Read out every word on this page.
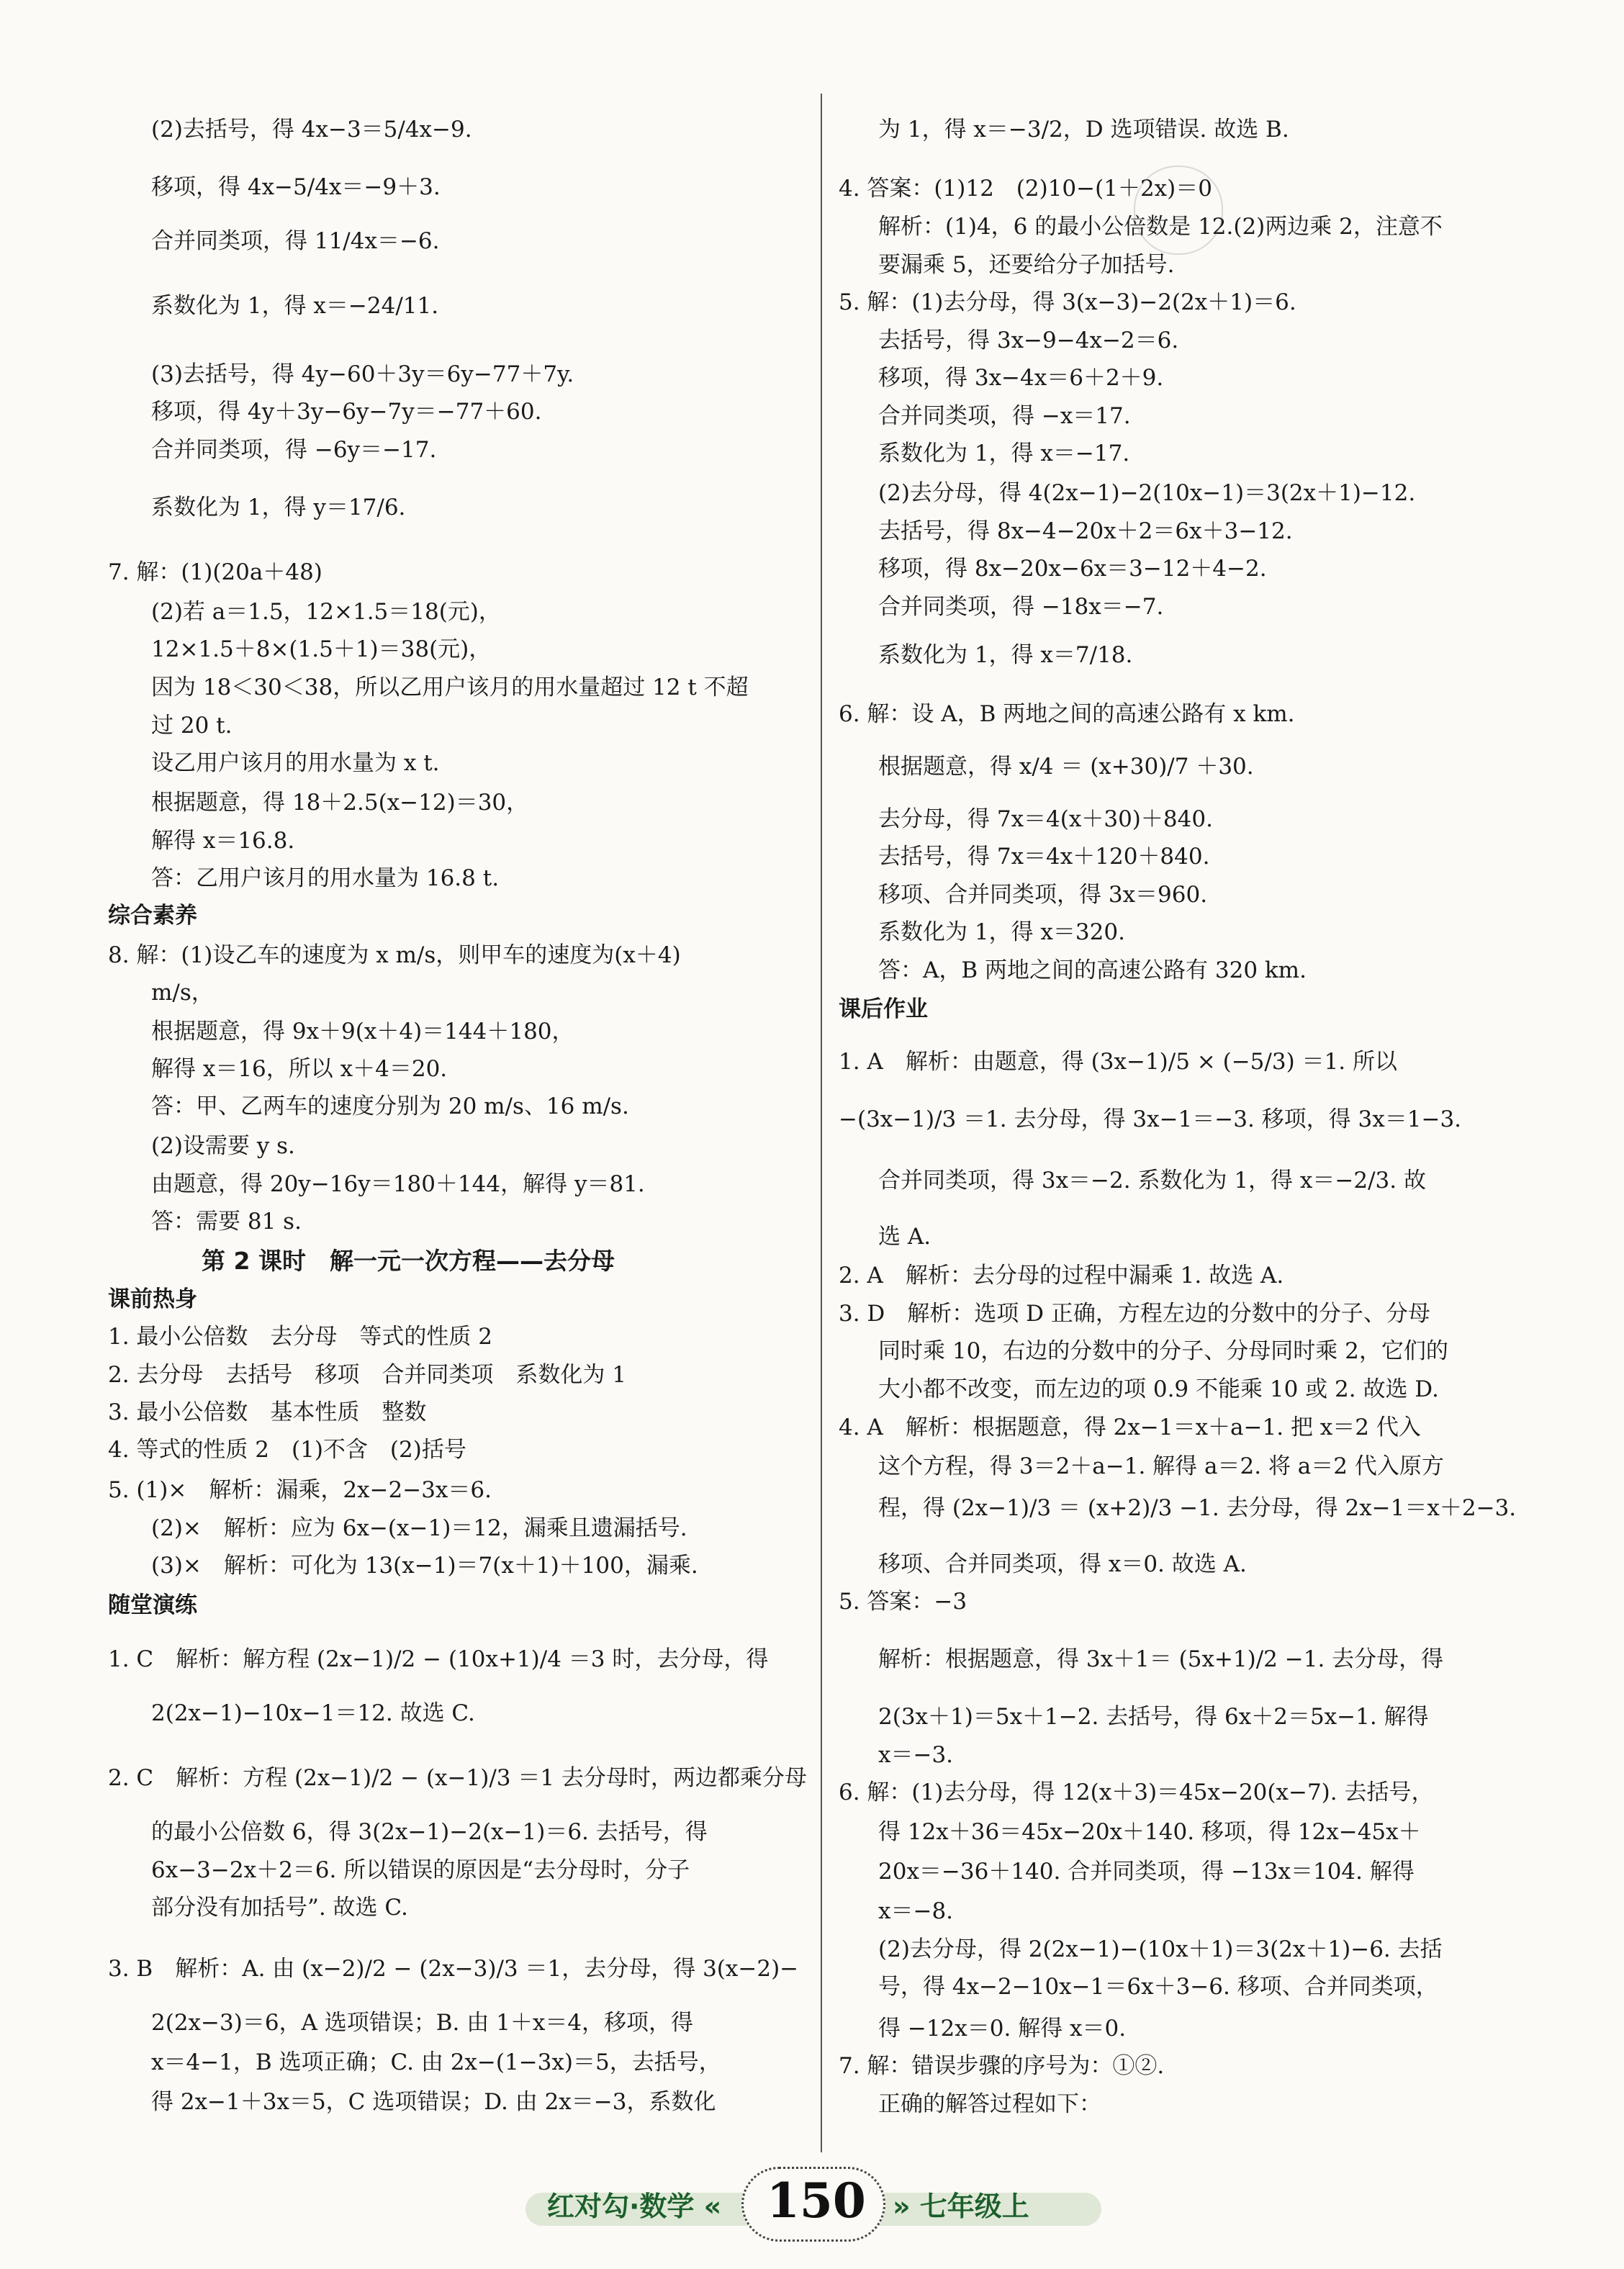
(2)去括号，得 4x−3＝5/4x−9.
移项，得 4x−5/4x＝−9＋3.
合并同类项，得 11/4x＝−6.
系数化为 1，得 x＝−24/11.
(3)去括号，得 4y−60＋3y＝6y−77＋7y.
移项，得 4y＋3y−6y−7y＝−77＋60.
合并同类项，得 −6y＝−17.
系数化为 1，得 y＝17/6.
7. 解：(1)(20a＋48)
(2)若 a＝1.5，12×1.5＝18(元)，
12×1.5＋8×(1.5＋1)＝38(元)，
因为 18＜30＜38，所以乙用户该月的用水量超过 12 t 不超
过 20 t.
设乙用户该月的用水量为 x t.
根据题意，得 18＋2.5(x−12)＝30，
解得 x＝16.8.
答：乙用户该月的用水量为 16.8 t.
综合素养
8. 解：(1)设乙车的速度为 x m/s，则甲车的速度为(x＋4)
m/s，
根据题意，得 9x＋9(x＋4)＝144＋180，
解得 x＝16，所以 x＋4＝20.
答：甲、乙两车的速度分别为 20 m/s、16 m/s.
(2)设需要 y s.
由题意，得 20y−16y＝180＋144，解得 y＝81.
答：需要 81 s.
第 2 课时　解一元一次方程——去分母
课前热身
1. 最小公倍数　去分母　等式的性质 2
2. 去分母　去括号　移项　合并同类项　系数化为 1
3. 最小公倍数　基本性质　整数
4. 等式的性质 2　(1)不含　(2)括号
5. (1)×　解析：漏乘，2x−2−3x＝6.
(2)×　解析：应为 6x−(x−1)＝12，漏乘且遗漏括号.
(3)×　解析：可化为 13(x−1)＝7(x＋1)＋100，漏乘.
随堂演练
1. C　解析：解方程 (2x−1)/2 − (10x+1)/4 ＝3 时，去分母，得
2(2x−1)−10x−1＝12. 故选 C.
2. C　解析：方程 (2x−1)/2 − (x−1)/3 ＝1 去分母时，两边都乘分母
的最小公倍数 6，得 3(2x−1)−2(x−1)＝6. 去括号，得
6x−3−2x＋2＝6. 所以错误的原因是“去分母时，分子
部分没有加括号”. 故选 C.
3. B　解析：A. 由 (x−2)/2 − (2x−3)/3 ＝1，去分母，得 3(x−2)−
2(2x−3)＝6，A 选项错误；B. 由 1＋x＝4，移项，得
x＝4−1，B 选项正确；C. 由 2x−(1−3x)＝5，去括号，
得 2x−1＋3x＝5，C 选项错误；D. 由 2x＝−3，系数化
为 1，得 x＝−3/2，D 选项错误. 故选 B.
4. 答案：(1)12　(2)10−(1＋2x)＝0
解析：(1)4，6 的最小公倍数是 12.(2)两边乘 2，注意不
要漏乘 5，还要给分子加括号.
5. 解：(1)去分母，得 3(x−3)−2(2x＋1)＝6.
去括号，得 3x−9−4x−2＝6.
移项，得 3x−4x＝6＋2＋9.
合并同类项，得 −x＝17.
系数化为 1，得 x＝−17.
(2)去分母，得 4(2x−1)−2(10x−1)＝3(2x＋1)−12.
去括号，得 8x−4−20x＋2＝6x＋3−12.
移项，得 8x−20x−6x＝3−12＋4−2.
合并同类项，得 −18x＝−7.
系数化为 1，得 x＝7/18.
6. 解：设 A，B 两地之间的高速公路有 x km.
根据题意，得 x/4 ＝ (x+30)/7 ＋30.
去分母，得 7x＝4(x＋30)＋840.
去括号，得 7x＝4x＋120＋840.
移项、合并同类项，得 3x＝960.
系数化为 1，得 x＝320.
答：A，B 两地之间的高速公路有 320 km.
课后作业
1. A　解析：由题意，得 (3x−1)/5 × (−5/3) ＝1. 所以
−(3x−1)/3 ＝1. 去分母，得 3x−1＝−3. 移项，得 3x＝1−3.
合并同类项，得 3x＝−2. 系数化为 1，得 x＝−2/3. 故
选 A.
2. A　解析：去分母的过程中漏乘 1. 故选 A.
3. D　解析：选项 D 正确，方程左边的分数中的分子、分母
同时乘 10，右边的分数中的分子、分母同时乘 2，它们的
大小都不改变，而左边的项 0.9 不能乘 10 或 2. 故选 D.
4. A　解析：根据题意，得 2x−1＝x＋a−1. 把 x＝2 代入
这个方程，得 3＝2＋a−1. 解得 a＝2. 将 a＝2 代入原方
程，得 (2x−1)/3 ＝ (x+2)/3 −1. 去分母，得 2x−1＝x＋2−3.
移项、合并同类项，得 x＝0. 故选 A.
5. 答案：−3
解析：根据题意，得 3x＋1＝ (5x+1)/2 −1. 去分母，得
2(3x＋1)＝5x＋1−2. 去括号，得 6x＋2＝5x−1. 解得
x＝−3.
6. 解：(1)去分母，得 12(x＋3)＝45x−20(x−7). 去括号，
得 12x＋36＝45x−20x＋140. 移项，得 12x−45x＋
20x＝−36＋140. 合并同类项，得 −13x＝104. 解得
x＝−8.
(2)去分母，得 2(2x−1)−(10x＋1)＝3(2x＋1)−6. 去括
号，得 4x−2−10x−1＝6x＋3−6. 移项、合并同类项，
得 −12x＝0. 解得 x＝0.
7. 解：错误步骤的序号为：①②.
正确的解答过程如下：
红对勾·数学 « 150 » 七年级上
